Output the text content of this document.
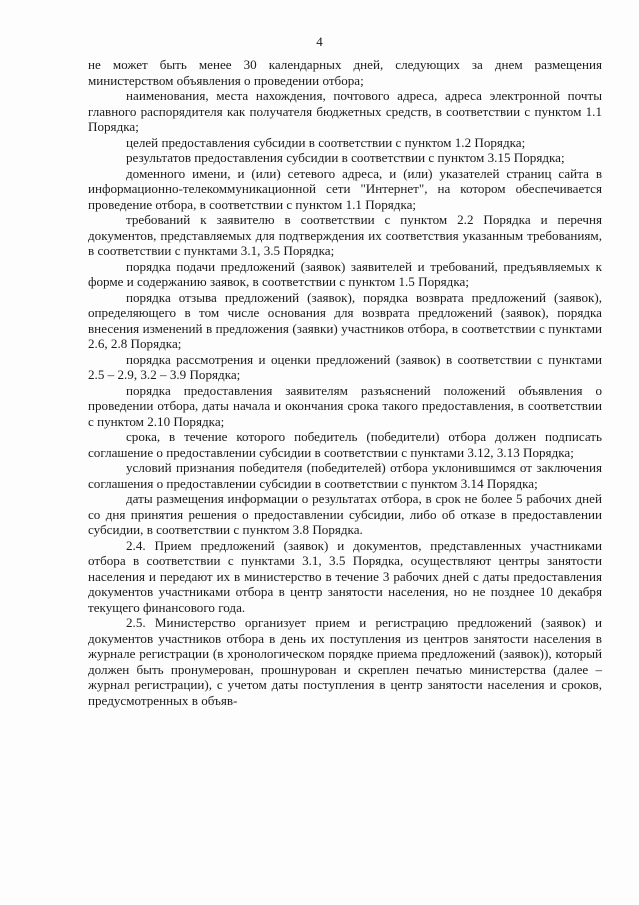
4

не может быть менее 30 календарных дней, следующих за днем размещения министерством объявления о проведении отбора;

наименования, места нахождения, почтового адреса, адреса электронной почты главного распорядителя как получателя бюджетных средств, в соответствии с пунктом 1.1 Порядка;

целей предоставления субсидии в соответствии с пунктом 1.2 Порядка;

результатов предоставления субсидии в соответствии с пунктом 3.15 Порядка;

доменного имени, и (или) сетевого адреса, и (или) указателей страниц сайта в информационно-телекоммуникационной сети "Интернет", на котором обеспечивается проведение отбора, в соответствии с пунктом 1.1 Порядка;

требований к заявителю в соответствии с пунктом 2.2 Порядка и перечня документов, представляемых для подтверждения их соответствия указанным требованиям, в соответствии с пунктами 3.1, 3.5 Порядка;

порядка подачи предложений (заявок) заявителей и требований, предъявляемых к форме и содержанию заявок, в соответствии с пунктом 1.5 Порядка;

порядка отзыва предложений (заявок), порядка возврата предложений (заявок), определяющего в том числе основания для возврата предложений (заявок), порядка внесения изменений в предложения (заявки) участников отбора, в соответствии с пунктами 2.6, 2.8 Порядка;

порядка рассмотрения и оценки предложений (заявок) в соответствии с пунктами 2.5 – 2.9, 3.2 – 3.9 Порядка;

порядка предоставления заявителям разъяснений положений объявления о проведении отбора, даты начала и окончания срока такого предоставления, в соответствии с пунктом 2.10 Порядка;

срока, в течение которого победитель (победители) отбора должен подписать соглашение о предоставлении субсидии в соответствии с пунктами 3.12, 3.13 Порядка;

условий признания победителя (победителей) отбора уклонившимся от заключения соглашения о предоставлении субсидии в соответствии с пунктом 3.14 Порядка;

даты размещения информации о результатах отбора, в срок не более 5 рабочих дней со дня принятия решения о предоставлении субсидии, либо об отказе в предоставлении субсидии, в соответствии с пунктом 3.8 Порядка.

2.4. Прием предложений (заявок) и документов, представленных участниками отбора в соответствии с пунктами 3.1, 3.5 Порядка, осуществляют центры занятости населения и передают их в министерство в течение 3 рабочих дней с даты предоставления документов участниками отбора в центр занятости населения, но не позднее 10 декабря текущего финансового года.

2.5. Министерство организует прием и регистрацию предложений (заявок) и документов участников отбора в день их поступления из центров занятости населения в журнале регистрации (в хронологическом порядке приема предложений (заявок)), который должен быть пронумерован, прошнурован и скреплен печатью министерства (далее – журнал регистрации), с учетом даты поступления в центр занятости населения и сроков, предусмотренных в объяв-
